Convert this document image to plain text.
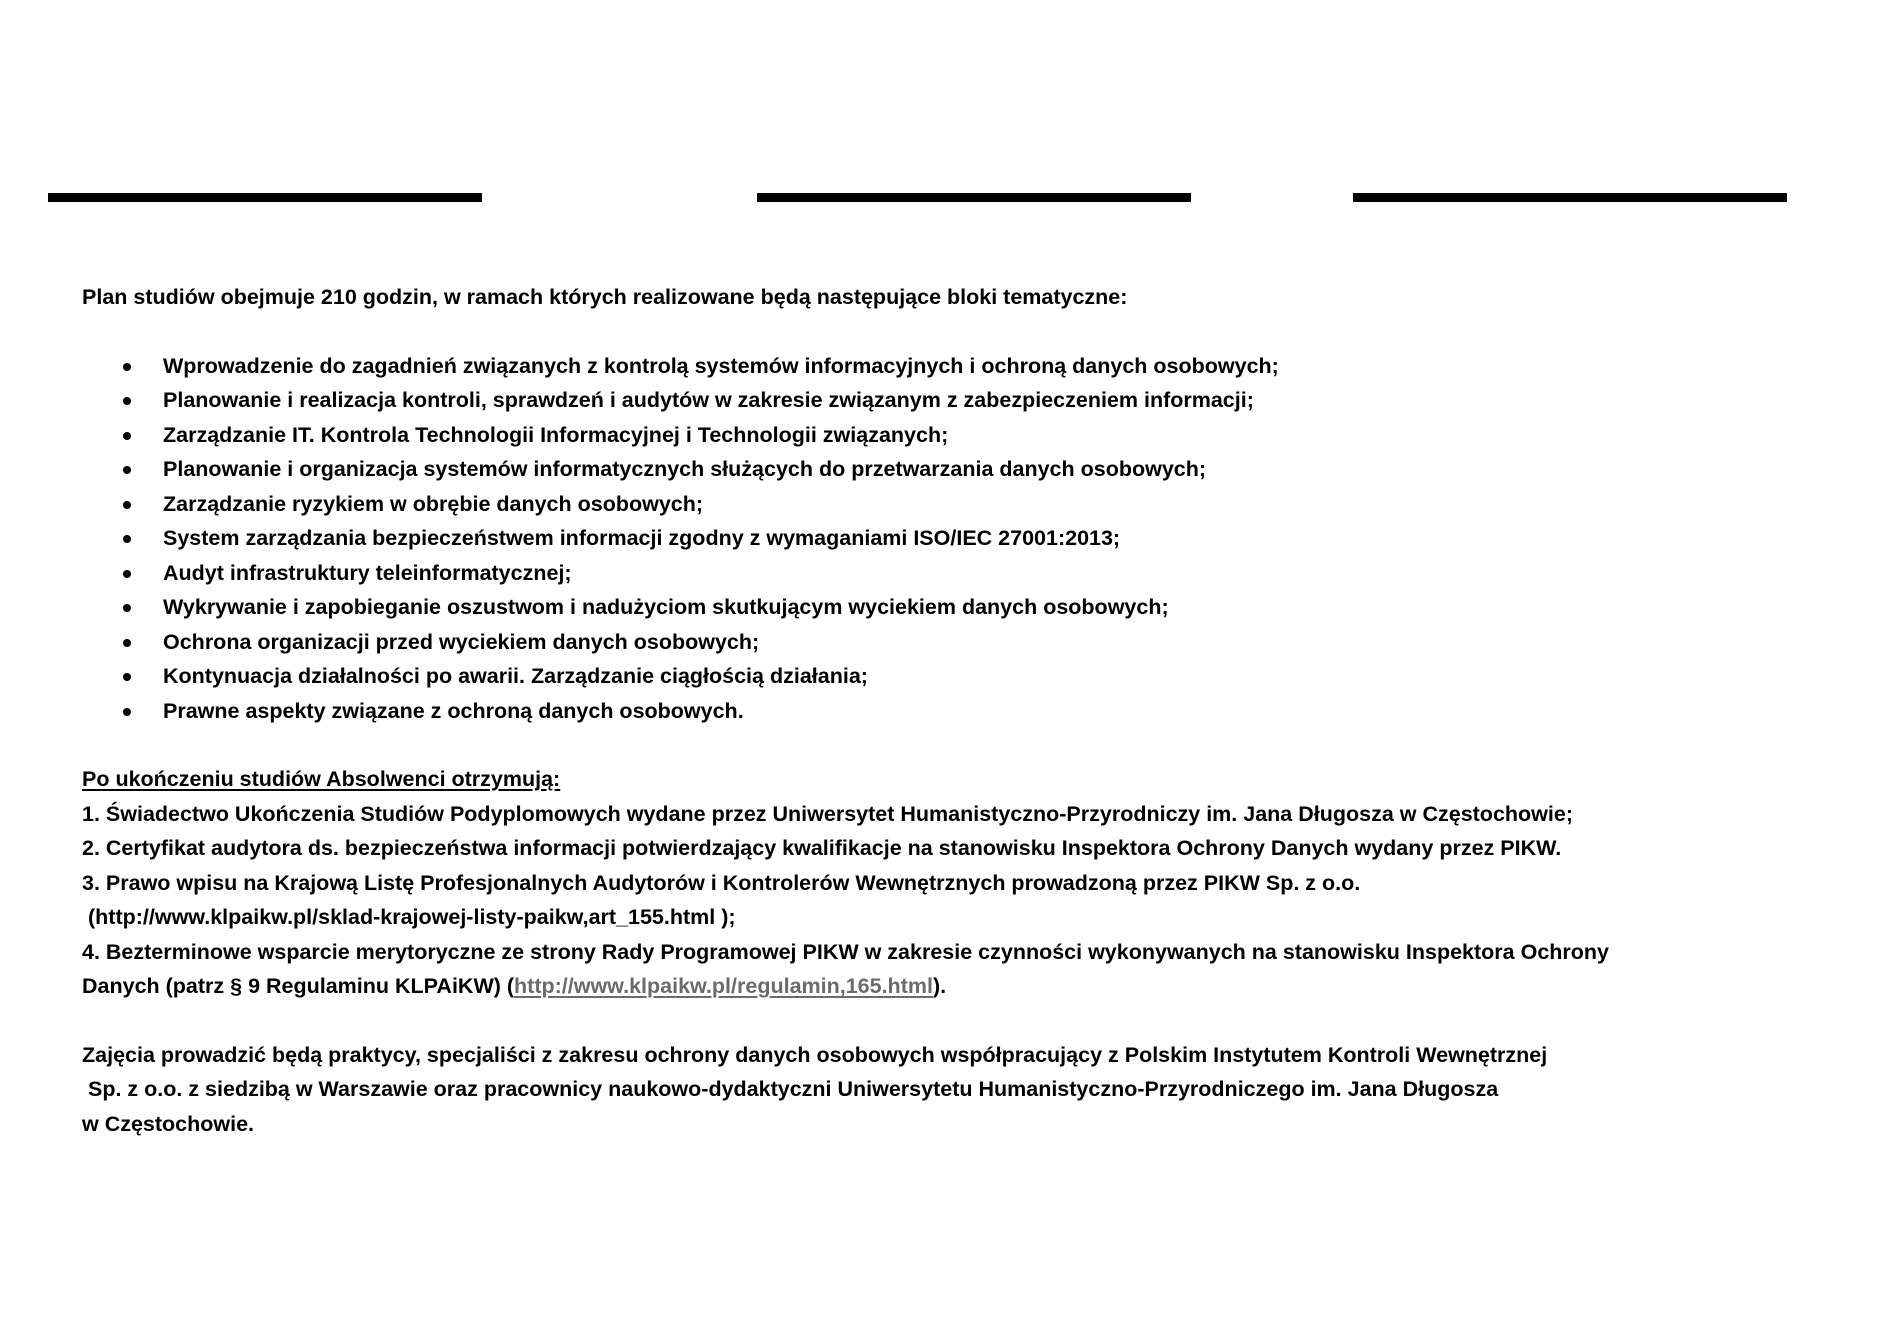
Plan studiów obejmuje 210 godzin, w ramach których realizowane będą następujące bloki tematyczne:

Wprowadzenie do zagadnień związanych z kontrolą systemów informacyjnych i ochroną danych osobowych;
Planowanie i realizacja kontroli, sprawdzeń i audytów w zakresie związanym z zabezpieczeniem informacji;
Zarządzanie IT. Kontrola Technologii Informacyjnej i Technologii związanych;
Planowanie i organizacja systemów informatycznych służących do przetwarzania danych osobowych;
Zarządzanie ryzykiem w obrębie danych osobowych;
System zarządzania bezpieczeństwem informacji zgodny z wymaganiami ISO/IEC 27001:2013;
Audyt infrastruktury teleinformatycznej;
Wykrywanie i zapobieganie oszustwom i nadużyciom skutkującym wyciekiem danych osobowych;
Ochrona organizacji przed wyciekiem danych osobowych;
Kontynuacja działalności po awarii. Zarządzanie ciągłością działania;
Prawne aspekty związane z ochroną danych osobowych.

Po ukończeniu studiów Absolwenci otrzymują:

1. Świadectwo Ukończenia Studiów Podyplomowych wydane przez Uniwersytet Humanistyczno-Przyrodniczy im. Jana Długosza w Częstochowie;

2. Certyfikat audytora ds. bezpieczeństwa informacji potwierdzający kwalifikacje na stanowisku Inspektora Ochrony Danych wydany przez PIKW.

3. Prawo wpisu na Krajową Listę Profesjonalnych Audytorów i Kontrolerów Wewnętrznych prowadzoną przez PIKW Sp. z o.o.

(http://www.klpaikw.pl/sklad-krajowej-listy-paikw,art_155.html );

4. Bezterminowe wsparcie merytoryczne ze strony Rady Programowej PIKW w zakresie czynności wykonywanych na stanowisku Inspektora Ochrony

Danych (patrz § 9 Regulaminu KLPAiKW) (http://www.klpaikw.pl/regulamin,165.html).

Zajęcia prowadzić będą praktycy, specjaliści z zakresu ochrony danych osobowych współpracujący z Polskim Instytutem Kontroli Wewnętrznej

Sp. z o.o. z siedzibą w Warszawie oraz pracownicy naukowo-dydaktyczni Uniwersytetu Humanistyczno-Przyrodniczego im. Jana Długosza

w Częstochowie.
